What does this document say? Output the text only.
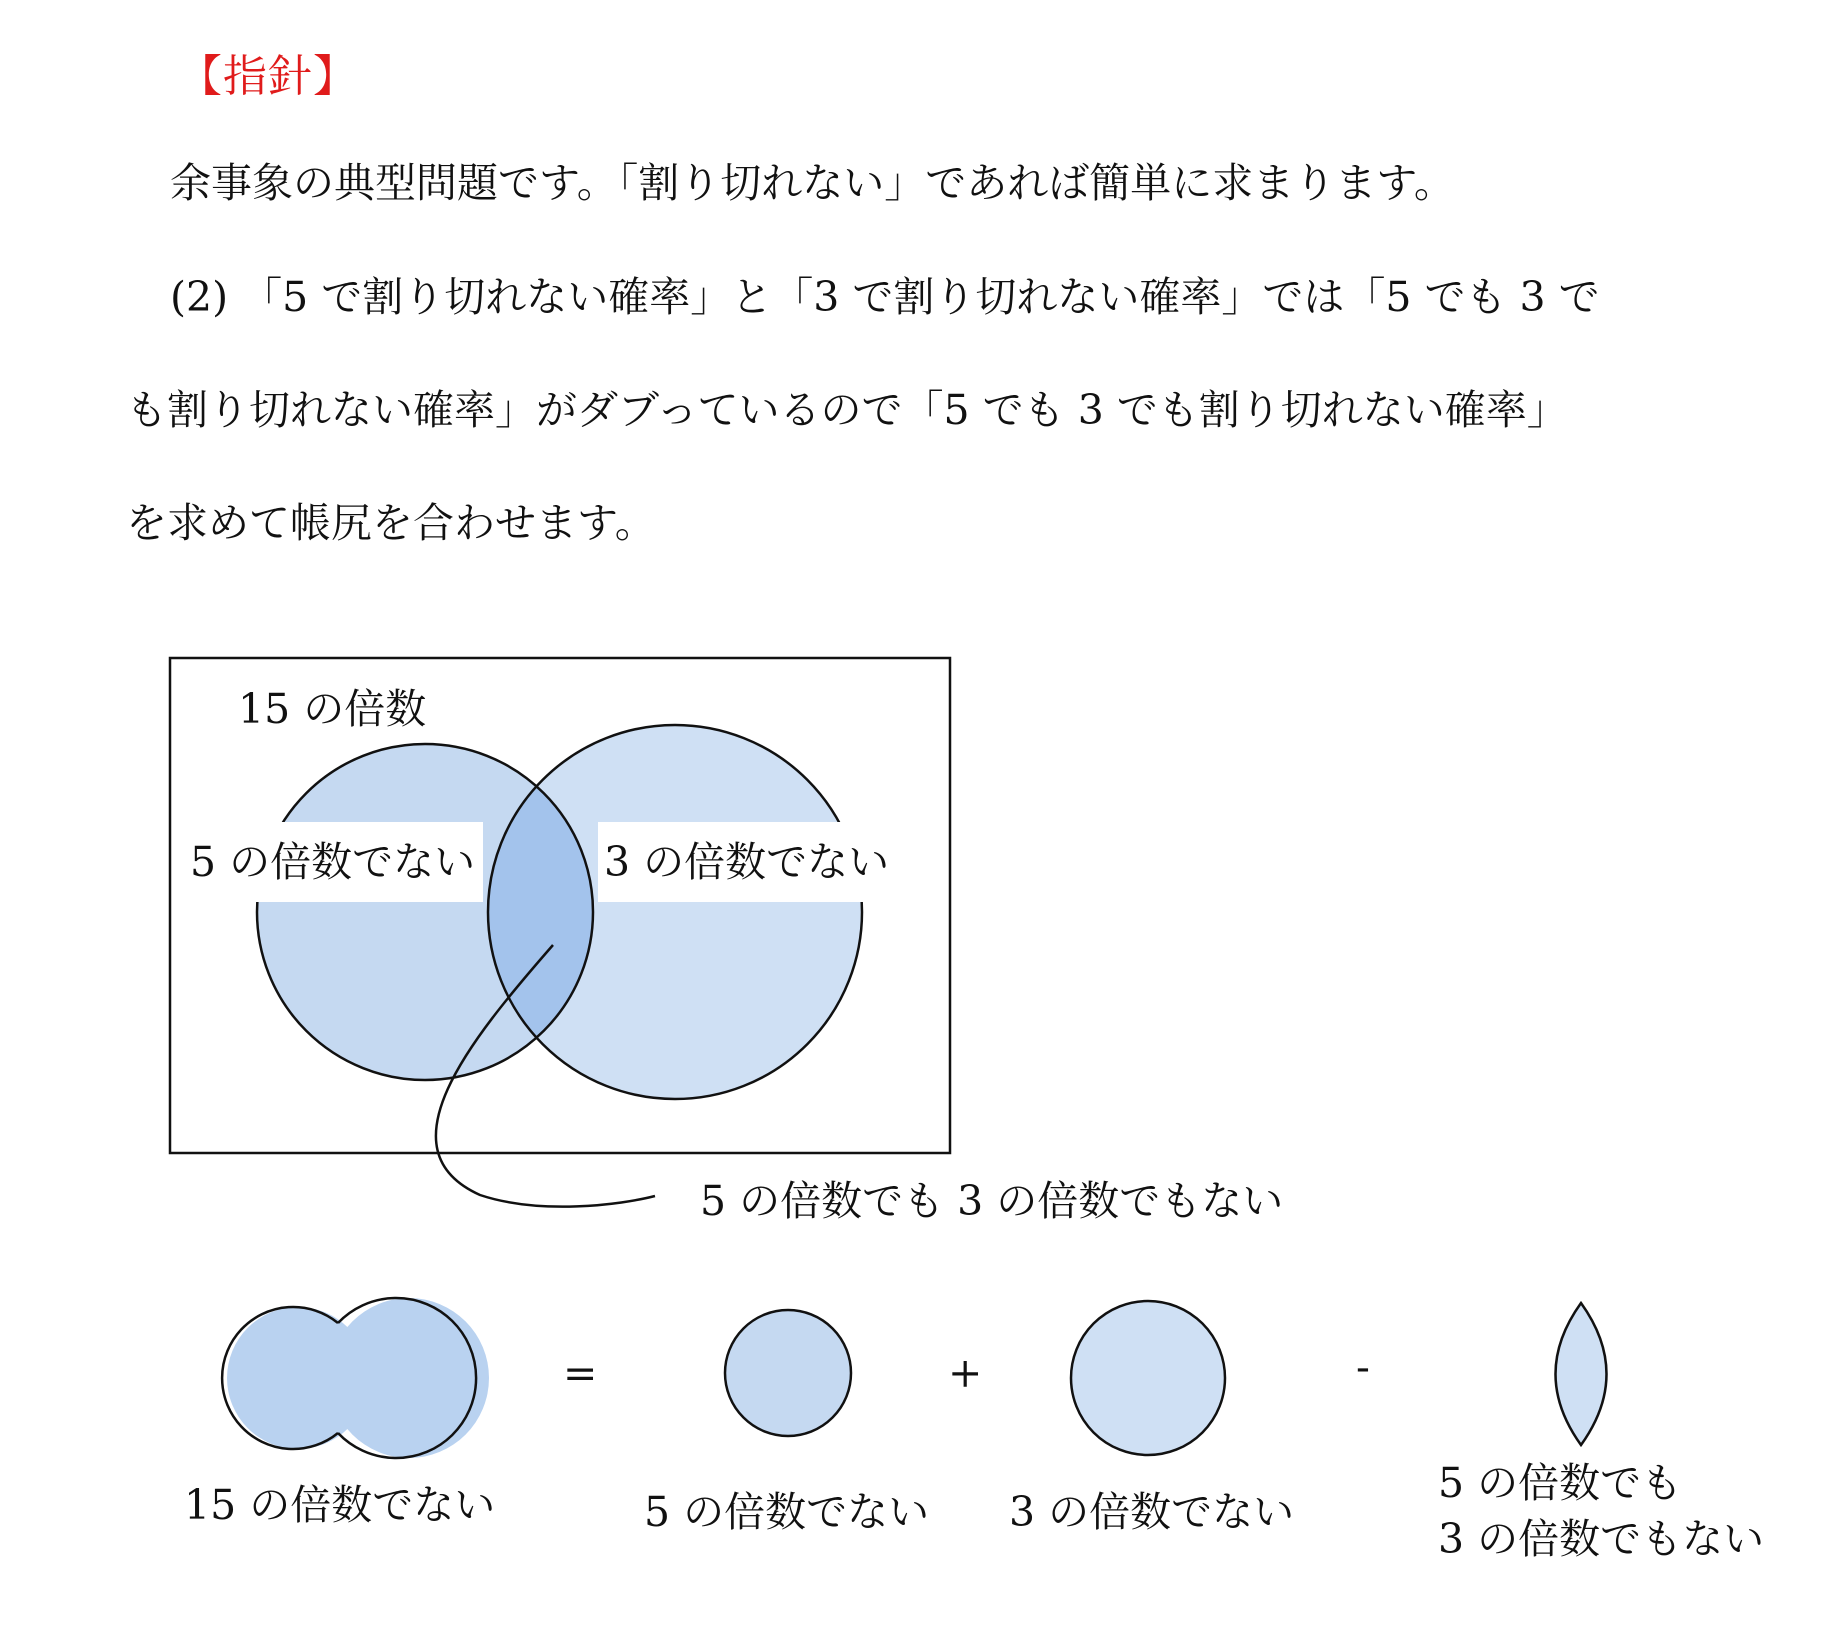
【指針】
余事象の典型問題です。「割り切れない」であれば簡単に求まります。
(2) 「5 で割り切れない確率」と「3 で割り切れない確率」では「5 でも 3 で
も割り切れない確率」がダブっているので「5 でも 3 でも割り切れない確率」
を求めて帳尻を合わせます。
15 の倍数
5 の倍数でない	3 の倍数でない
5 の倍数でも 3 の倍数でもない
=	+	-
15 の倍数でない	5 の倍数でない 3 の倍数でない
5 の倍数でも
3 の倍数でもない
